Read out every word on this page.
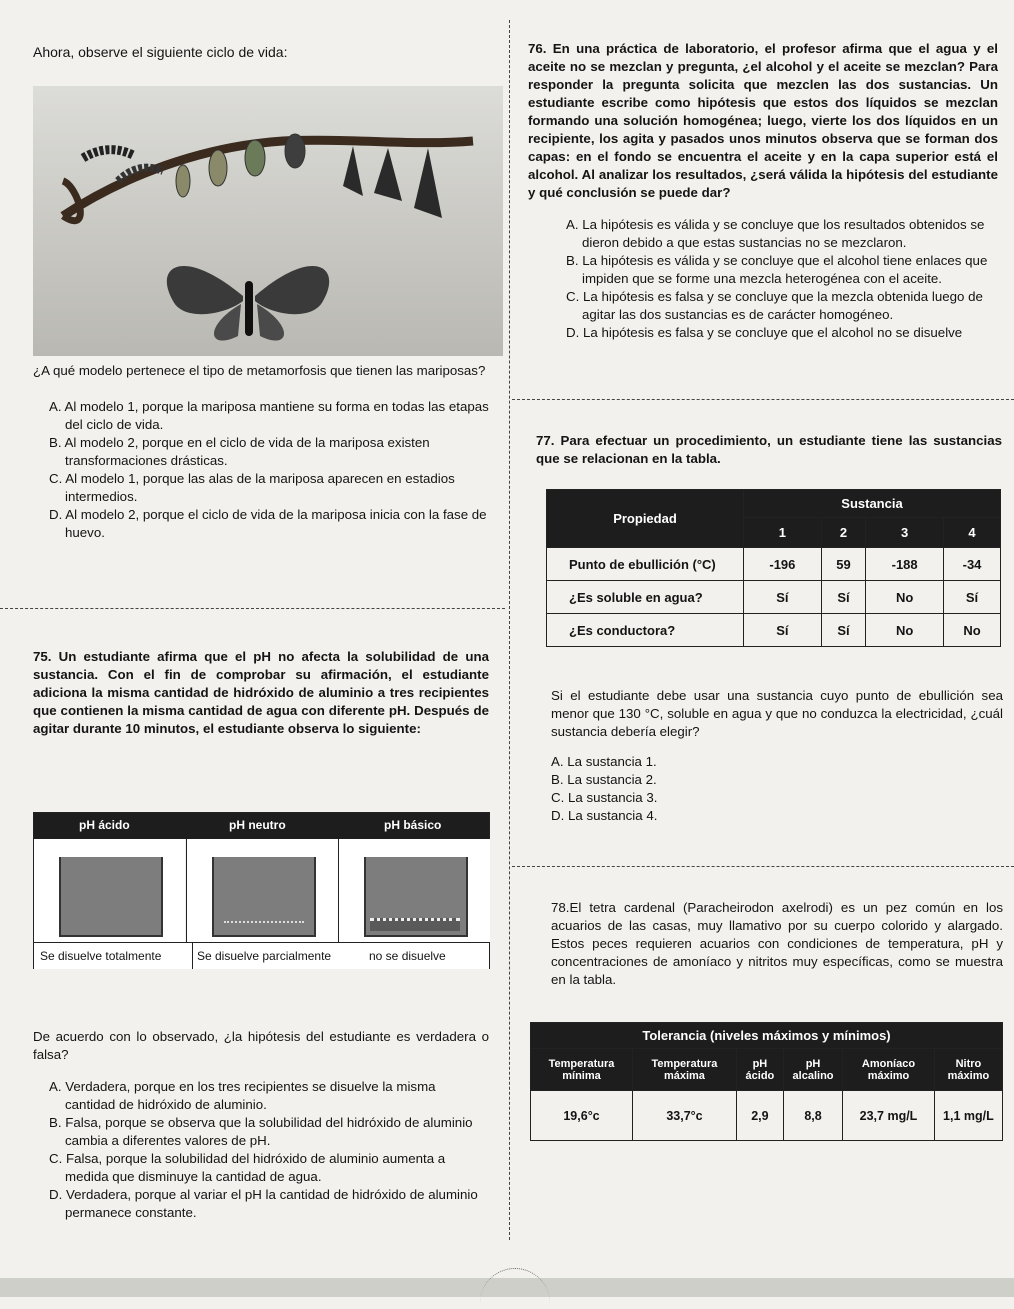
Ahora, observe el siguiente ciclo de vida:

¿A qué modelo pertenece el tipo de metamorfosis que tienen las mariposas?

A. Al modelo 1, porque la mariposa mantiene su forma en todas las etapas del ciclo de vida.

B. Al modelo 2, porque en el ciclo de vida de la mariposa existen transformaciones drásticas.

C. Al modelo 1, porque las alas de la mariposa aparecen en estadios intermedios.

D. Al modelo 2, porque el ciclo de vida de la mariposa inicia con la fase de huevo.

75. Un estudiante afirma que el pH no afecta la solubilidad de una sustancia. Con el fin de comprobar su afirmación, el estudiante adiciona la misma cantidad de hidróxido de aluminio a tres recipientes que contienen la misma cantidad de agua con diferente pH. Después de agitar durante 10 minutos, el estudiante observa lo siguiente:

pH ácido	pH neutro	pH básico
Se disuelve totalmente	Se disuelve parcialmente	no se disuelve

De acuerdo con lo observado, ¿la hipótesis del estudiante es verdadera o falsa?

A. Verdadera, porque en los tres recipientes se disuelve la misma cantidad de hidróxido de aluminio.

B. Falsa, porque se observa que la solubilidad del hidróxido de aluminio cambia a diferentes valores de pH.

C. Falsa, porque la solubilidad del hidróxido de aluminio aumenta a medida que disminuye la cantidad de agua.

D. Verdadera, porque al variar el pH la cantidad de hidróxido de aluminio permanece constante.

76. En una práctica de laboratorio, el profesor afirma que el agua y el aceite no se mezclan y pregunta, ¿el alcohol y el aceite se mezclan? Para responder la pregunta solicita que mezclen las dos sustancias. Un estudiante escribe como hipótesis que estos dos líquidos se mezclan formando una solución homogénea; luego, vierte los dos líquidos en un recipiente, los agita y pasados unos minutos observa que se forman dos capas: en el fondo se encuentra el aceite y en la capa superior está el alcohol. Al analizar los resultados, ¿será válida la hipótesis del estudiante y qué conclusión se puede dar?

A. La hipótesis es válida y se concluye que los resultados obtenidos se dieron debido a que estas sustancias no se mezclaron.

B. La hipótesis es válida y se concluye que el alcohol tiene enlaces que impiden que se forme una mezcla heterogénea con el aceite.

C. La hipótesis es falsa y se concluye que la mezcla obtenida luego de agitar las dos sustancias es de carácter homogéneo.

D. La hipótesis es falsa y se concluye que el alcohol no se disuelve

77. Para efectuar un procedimiento, un estudiante tiene las sustancias que se relacionan en la tabla.

Propiedad	Sustancia			
	1	2	3	4
Punto de ebullición (°C)	-196	59	-188	-34
¿Es soluble en agua?	Sí	Sí	No	Sí
¿Es conductora?	Sí	Sí	No	No

Si el estudiante debe usar una sustancia cuyo punto de ebullición sea menor que 130 °C, soluble en agua y que no conduzca la electricidad, ¿cuál sustancia debería elegir?

A. La sustancia 1.

B. La sustancia 2.

C. La sustancia 3.

D. La sustancia 4.

78.El tetra cardenal (Paracheirodon axelrodi) es un pez común en los acuarios de las casas, muy llamativo por su cuerpo colorido y alargado. Estos peces requieren acuarios con condiciones de temperatura, pH y concentraciones de amoníaco y nitritos muy específicas, como se muestra en la tabla.

Tolerancia (niveles máximos y mínimos)					
Temperatura mínima	Temperatura máxima	pH ácido	pH alcalino	Amoníaco máximo	Nitro máximo
19,6°c	33,7°c	2,9	8,8	23,7 mg/L	1,1 mg/L
